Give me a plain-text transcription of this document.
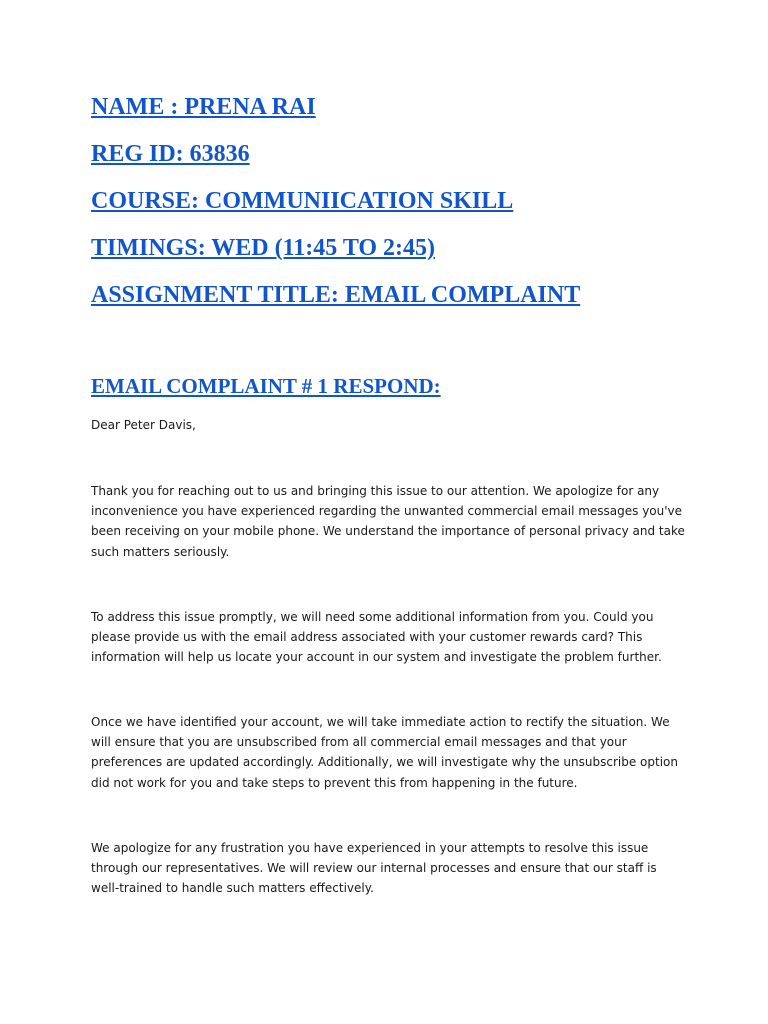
NAME : PRENA RAI

REG ID: 63836

COURSE: COMMUNIICATION SKILL

TIMINGS: WED (11:45 TO 2:45)

ASSIGNMENT TITLE: EMAIL COMPLAINT

EMAIL COMPLAINT # 1 RESPOND:

Dear Peter Davis,

Thank you for reaching out to us and bringing this issue to our attention. We apologize for any inconvenience you have experienced regarding the unwanted commercial email messages you've been receiving on your mobile phone. We understand the importance of personal privacy and take such matters seriously.

To address this issue promptly, we will need some additional information from you. Could you please provide us with the email address associated with your customer rewards card? This information will help us locate your account in our system and investigate the problem further.

Once we have identified your account, we will take immediate action to rectify the situation. We will ensure that you are unsubscribed from all commercial email messages and that your preferences are updated accordingly. Additionally, we will investigate why the unsubscribe option did not work for you and take steps to prevent this from happening in the future.

We apologize for any frustration you have experienced in your attempts to resolve this issue through our representatives. We will review our internal processes and ensure that our staff is well-trained to handle such matters effectively.
